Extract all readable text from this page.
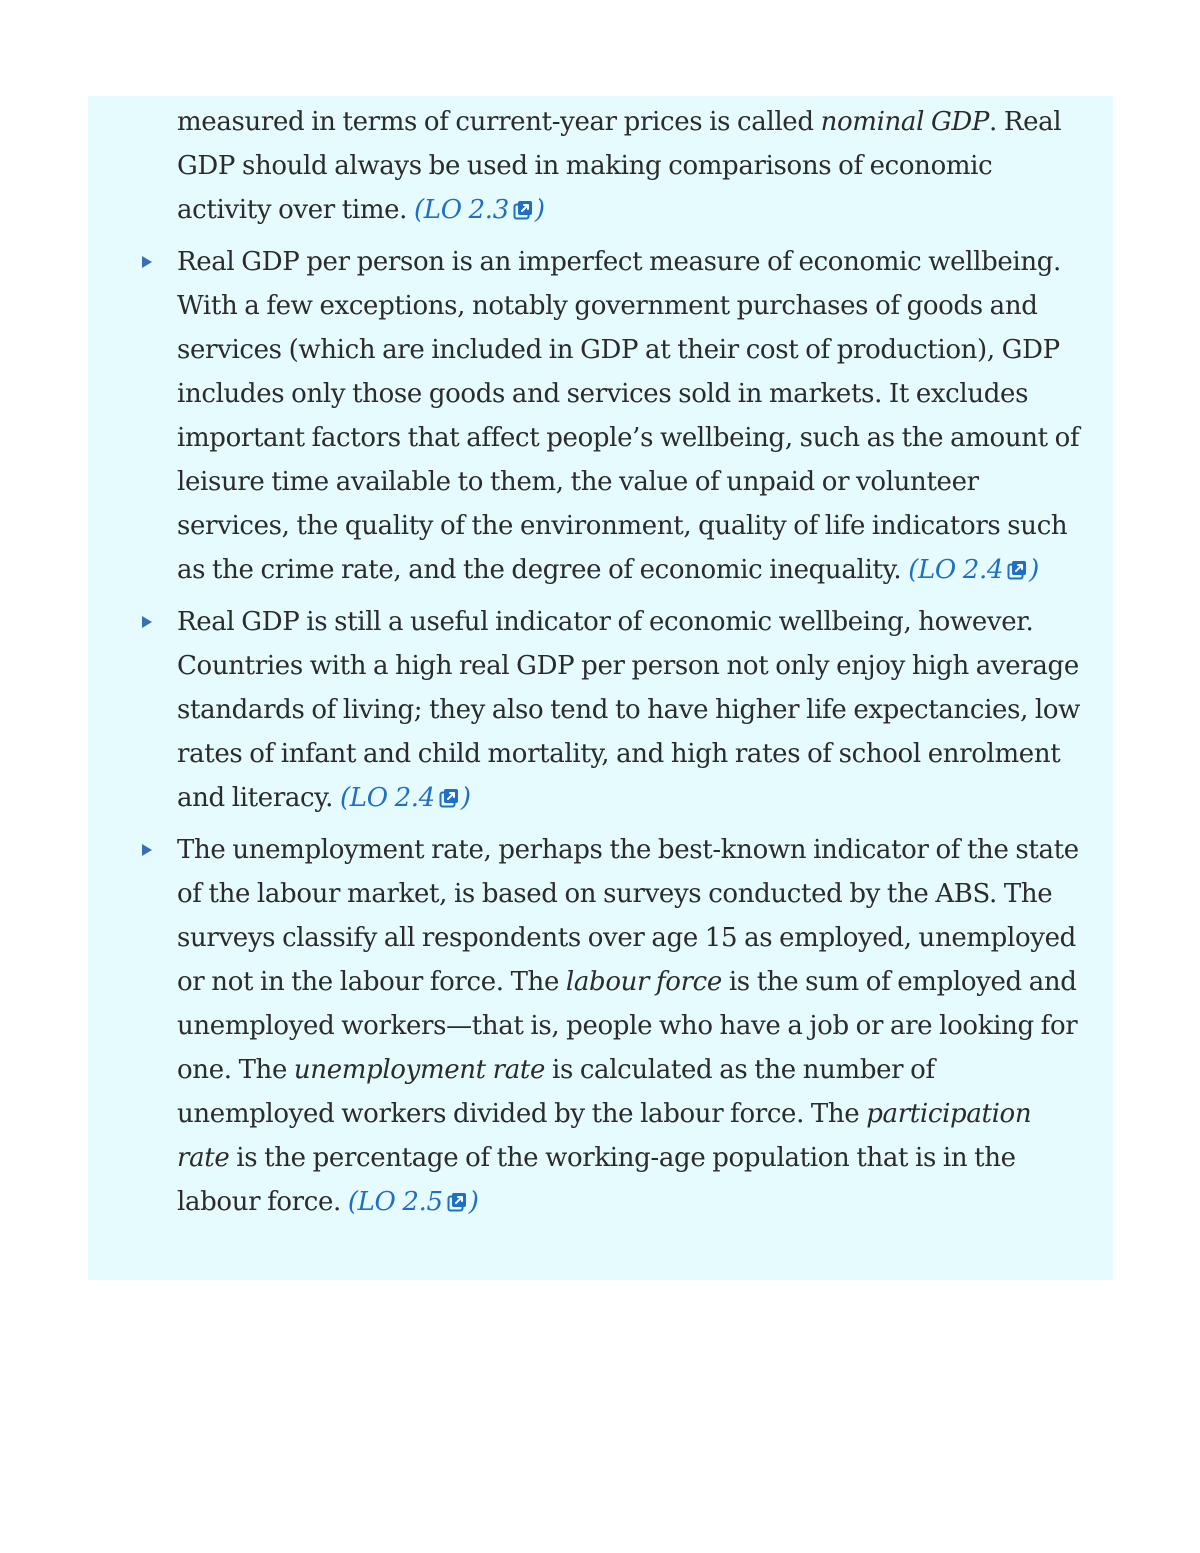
measured in terms of current-year prices is called nominal GDP. Real GDP should always be used in making comparisons of economic activity over time. (LO 2.3 )

Real GDP per person is an imperfect measure of economic wellbeing. With a few exceptions, notably government purchases of goods and services (which are included in GDP at their cost of production), GDP includes only those goods and services sold in markets. It excludes important factors that affect people’s wellbeing, such as the amount of leisure time available to them, the value of unpaid or volunteer services, the quality of the environment, quality of life indicators such as the crime rate, and the degree of economic inequality. (LO 2.4 )

Real GDP is still a useful indicator of economic wellbeing, however. Countries with a high real GDP per person not only enjoy high average standards of living; they also tend to have higher life expectancies, low rates of infant and child mortality, and high rates of school enrolment and literacy. (LO 2.4 )

The unemployment rate, perhaps the best-known indicator of the state of the labour market, is based on surveys conducted by the ABS. The surveys classify all respondents over age 15 as employed, unemployed or not in the labour force. The labour force is the sum of employed and unemployed workers—that is, people who have a job or are looking for one. The unemployment rate is calculated as the number of unemployed workers divided by the labour force. The participation rate is the percentage of the working-age population that is in the labour force. (LO 2.5 )
